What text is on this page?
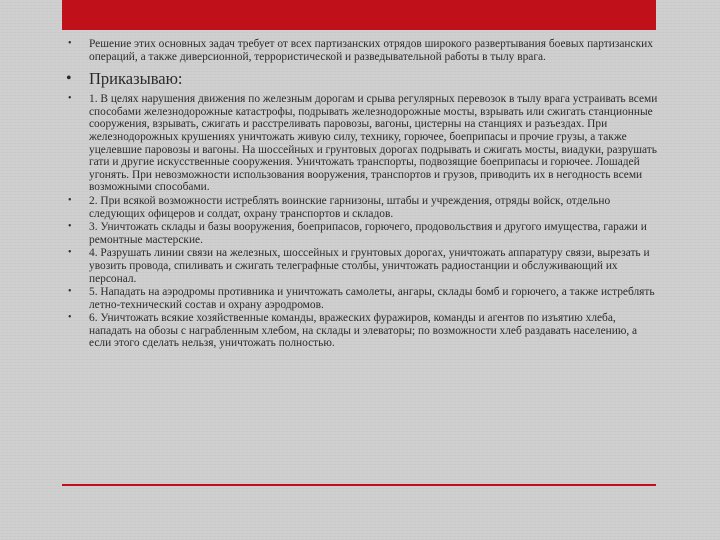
• Решение этих основных задач требует от всех партизанских отрядов широкого развертывания боевых партизанских операций, а также диверсионной, террористической и разведывательной работы в тылу врага.
• Приказываю:
• 1. В целях нарушения движения по железным дорогам и срыва регулярных перевозок в тылу врага устраивать всеми способами железнодорожные катастрофы, подрывать железнодорожные мосты, взрывать или сжигать станционные сооружения, взрывать, сжигать и расстреливать паровозы, вагоны, цистерны на станциях и разъездах. При железнодорожных крушениях уничтожать живую силу, технику, горючее, боеприпасы и прочие грузы, а также уцелевшие паровозы и вагоны. На шоссейных и грунтовых дорогах подрывать и сжигать мосты, виадуки, разрушать гати и другие искусственные сооружения. Уничтожать транспорты, подвозящие боеприпасы и горючее. Лошадей угонять. При невозможности использования вооружения, транспортов и грузов, приводить их в негодность всеми возможными способами.
• 2. При всякой возможности истреблять воинские гарнизоны, штабы и учреждения, отряды войск, отдельно следующих офицеров и солдат, охрану транспортов и складов.
• 3. Уничтожать склады и базы вооружения, боеприпасов, горючего, продовольствия и другого имущества, гаражи и ремонтные мастерские.
• 4. Разрушать линии связи на железных, шоссейных и грунтовых дорогах, уничтожать аппаратуру связи, вырезать и увозить провода, спиливать и сжигать телеграфные столбы, уничтожать радиостанции и обслуживающий их персонал.
• 5. Нападать на аэродромы противника и уничтожать самолеты, ангары, склады бомб и горючего, а также истреблять летно-технический состав и охрану аэродромов.
• 6. Уничтожать всякие хозяйственные команды, вражеских фуражиров, команды и агентов по изъятию хлеба, нападать на обозы с награбленным хлебом, на склады и элеваторы; по возможности хлеб раздавать населению, а если этого сделать нельзя, уничтожать полностью.
